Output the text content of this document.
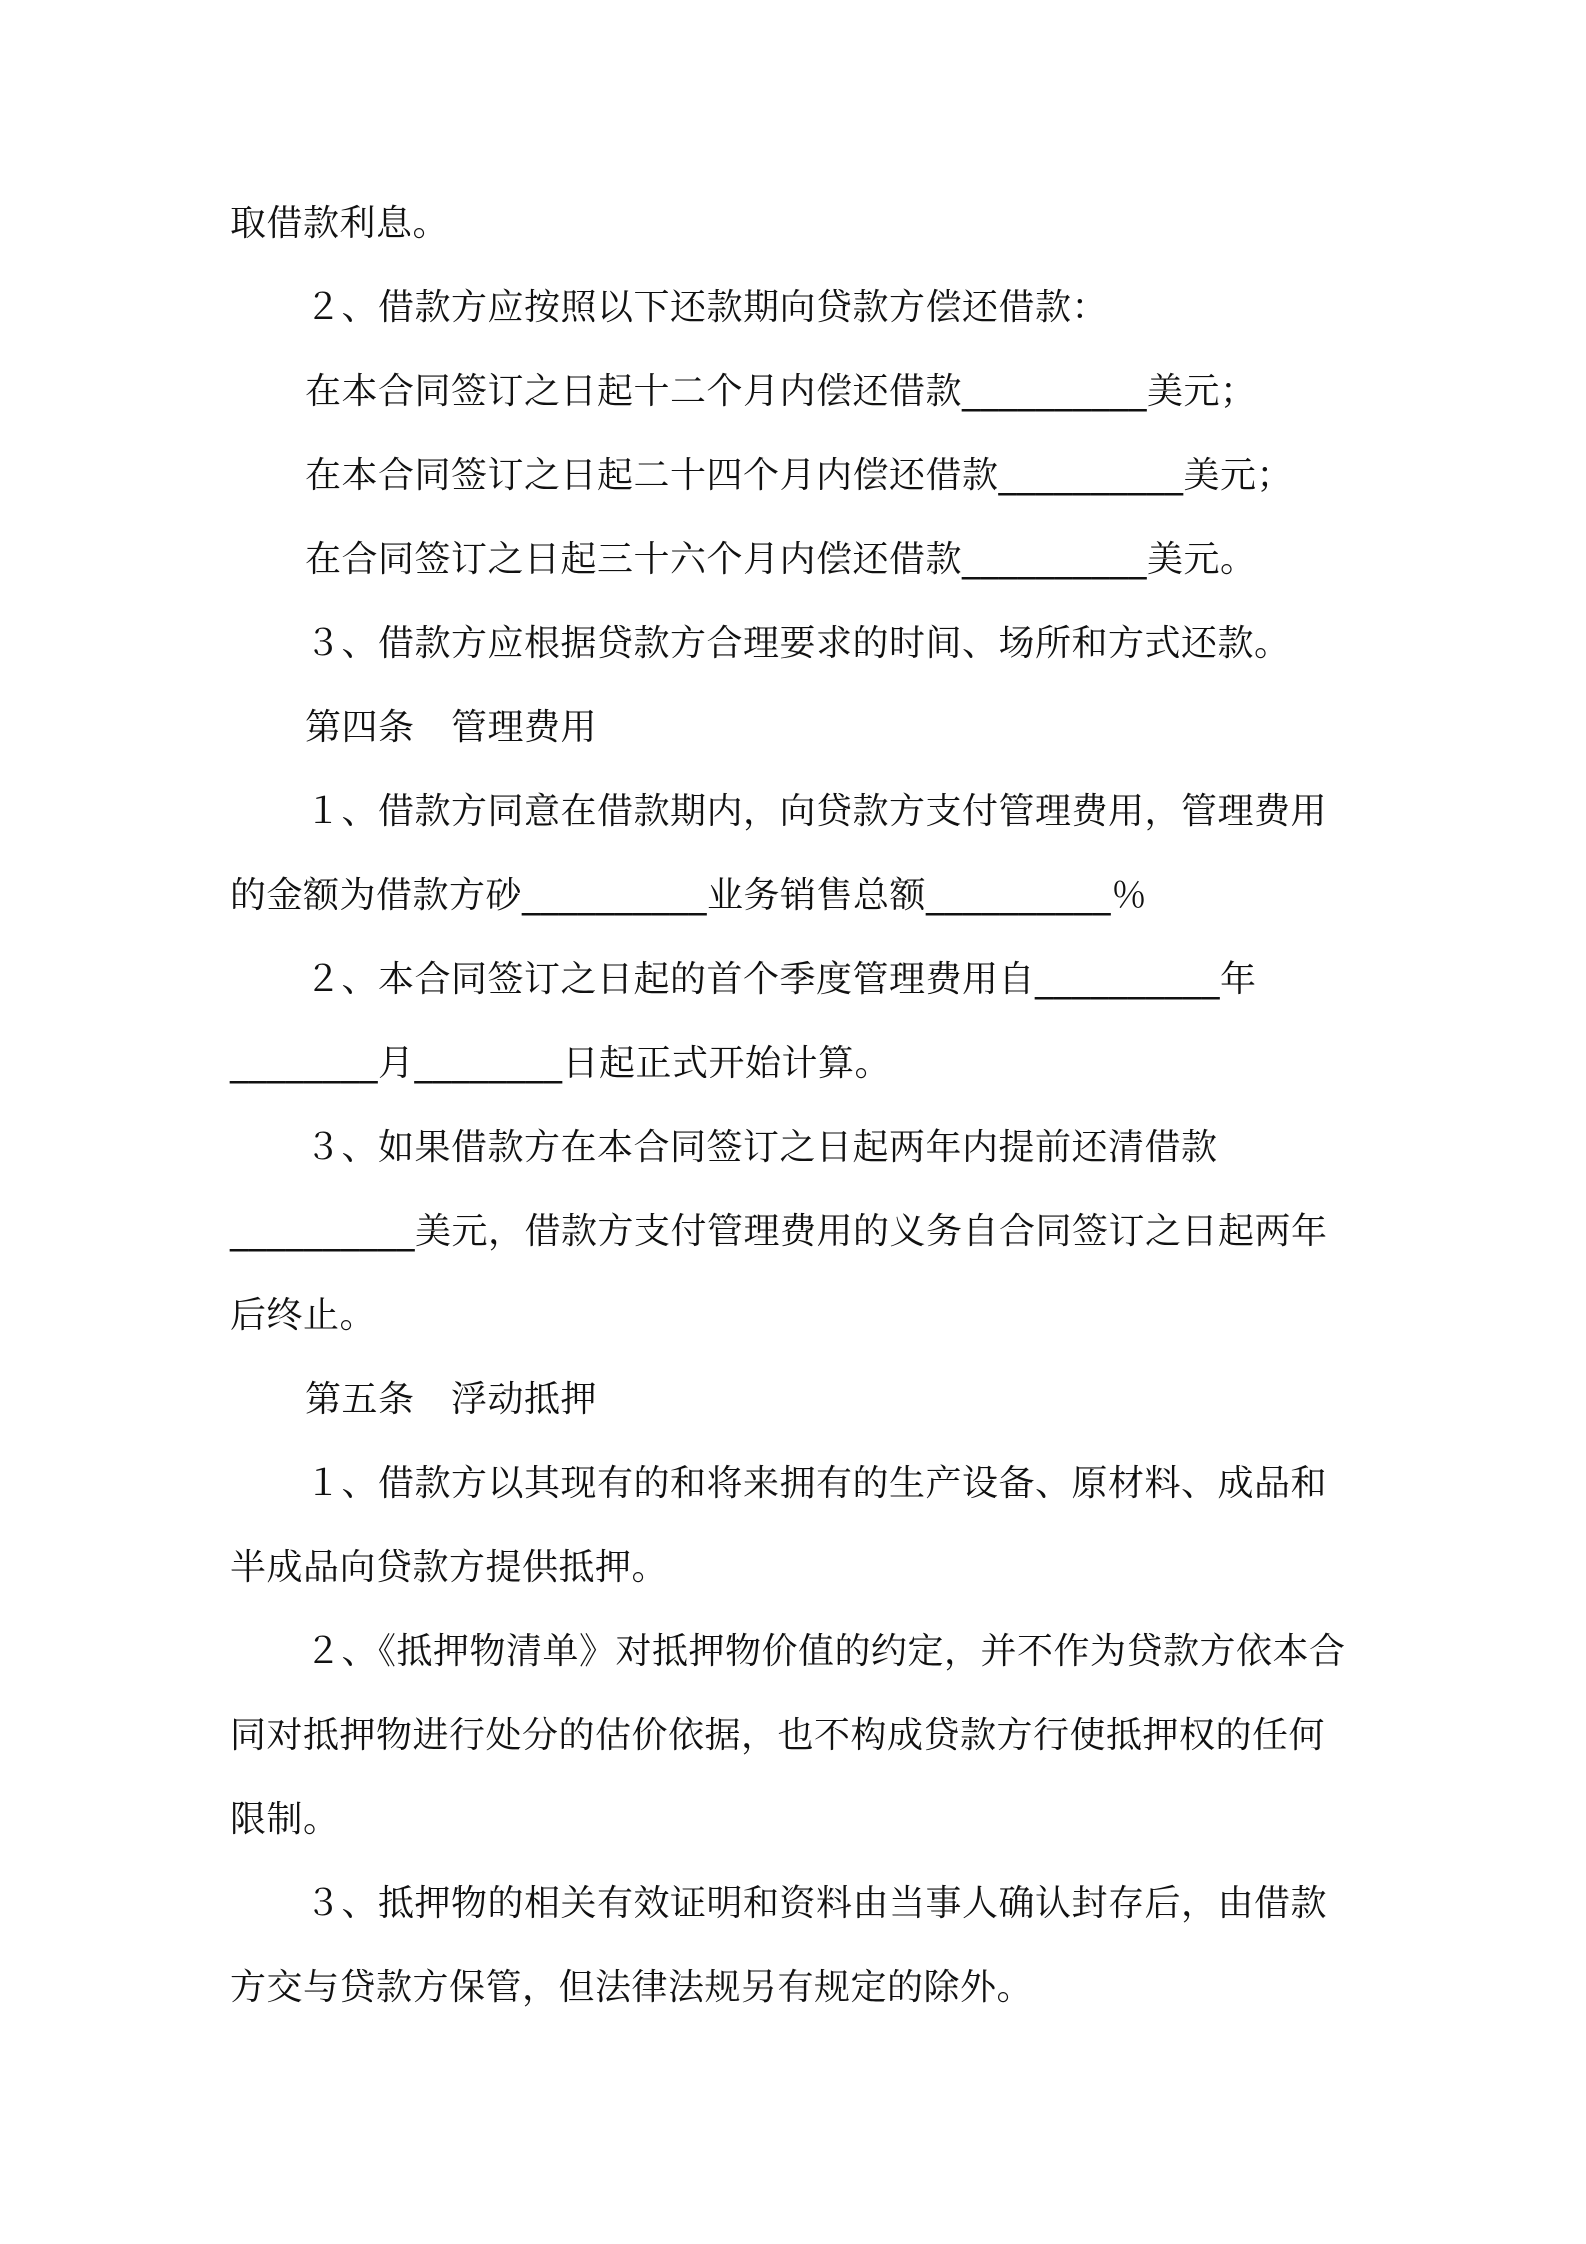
取借款利息。
２、借款方应按照以下还款期向贷款方偿还借款：
在本合同签订之日起十二个月内偿还借款__________美元；
在本合同签订之日起二十四个月内偿还借款__________美元；
在合同签订之日起三十六个月内偿还借款__________美元。
３、借款方应根据贷款方合理要求的时间、场所和方式还款。
第四条　管理费用
１、借款方同意在借款期内，向贷款方支付管理费用，管理费用
的金额为借款方砂__________业务销售总额__________％
２、本合同签订之日起的首个季度管理费用自__________年
________月________日起正式开始计算。
３、如果借款方在本合同签订之日起两年内提前还清借款
__________美元，借款方支付管理费用的义务自合同签订之日起两年
后终止。
第五条　浮动抵押
１、借款方以其现有的和将来拥有的生产设备、原材料、成品和
半成品向贷款方提供抵押。
２、《抵押物清单》对抵押物价值的约定，并不作为贷款方依本合
同对抵押物进行处分的估价依据，也不构成贷款方行使抵押权的任何
限制。
３、抵押物的相关有效证明和资料由当事人确认封存后，由借款
方交与贷款方保管，但法律法规另有规定的除外。
